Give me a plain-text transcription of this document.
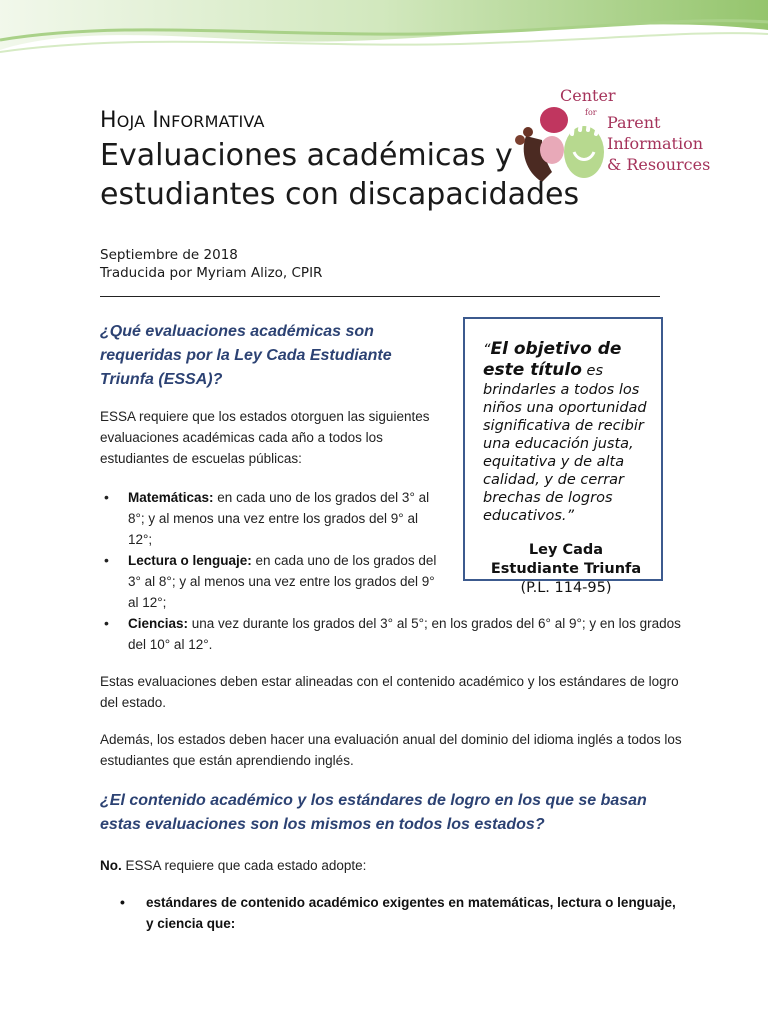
Center
for
Parent
Information
& Resources
HOJA INFORMATIVA
Evaluaciones académicas y estudiantes con discapacidades
Septiembre de 2018
Traducida por Myriam Alizo, CPIR
“El objetivo de este título es brindarles a todos los niños una oportunidad significativa de recibir una educación justa, equitativa y de alta calidad, y de cerrar brechas de logros educativos.”
Ley Cada Estudiante Triunfa (P.L. 114-95)
¿Qué evaluaciones académicas son requeridas por la Ley Cada Estudiante Triunfa (ESSA)?

ESSA requiere que los estados otorguen las siguientes evaluaciones académicas cada año a todos los estudiantes de escuelas públicas:

• Matemáticas: en cada uno de los grados del 3° al 8°; y al menos una vez entre los grados del 9° al 12°;
• Lectura o lenguaje: en cada uno de los grados del 3° al 8°; y al menos una vez entre los grados del 9° al 12°;
• Ciencias: una vez durante los grados del 3° al 5°; en los grados del 6° al 9°; y en los grados del 10° al 12°.

Estas evaluaciones deben estar alineadas con el contenido académico y los estándares de logro del estado.

Además, los estados deben hacer una evaluación anual del dominio del idioma inglés a todos los estudiantes que están aprendiendo inglés.

¿El contenido académico y los estándares de logro en los que se basan estas evaluaciones son los mismos en todos los estados?

No. ESSA requiere que cada estado adopte:

• estándares de contenido académico exigentes en matemáticas, lectura o lenguaje, y ciencia que:
